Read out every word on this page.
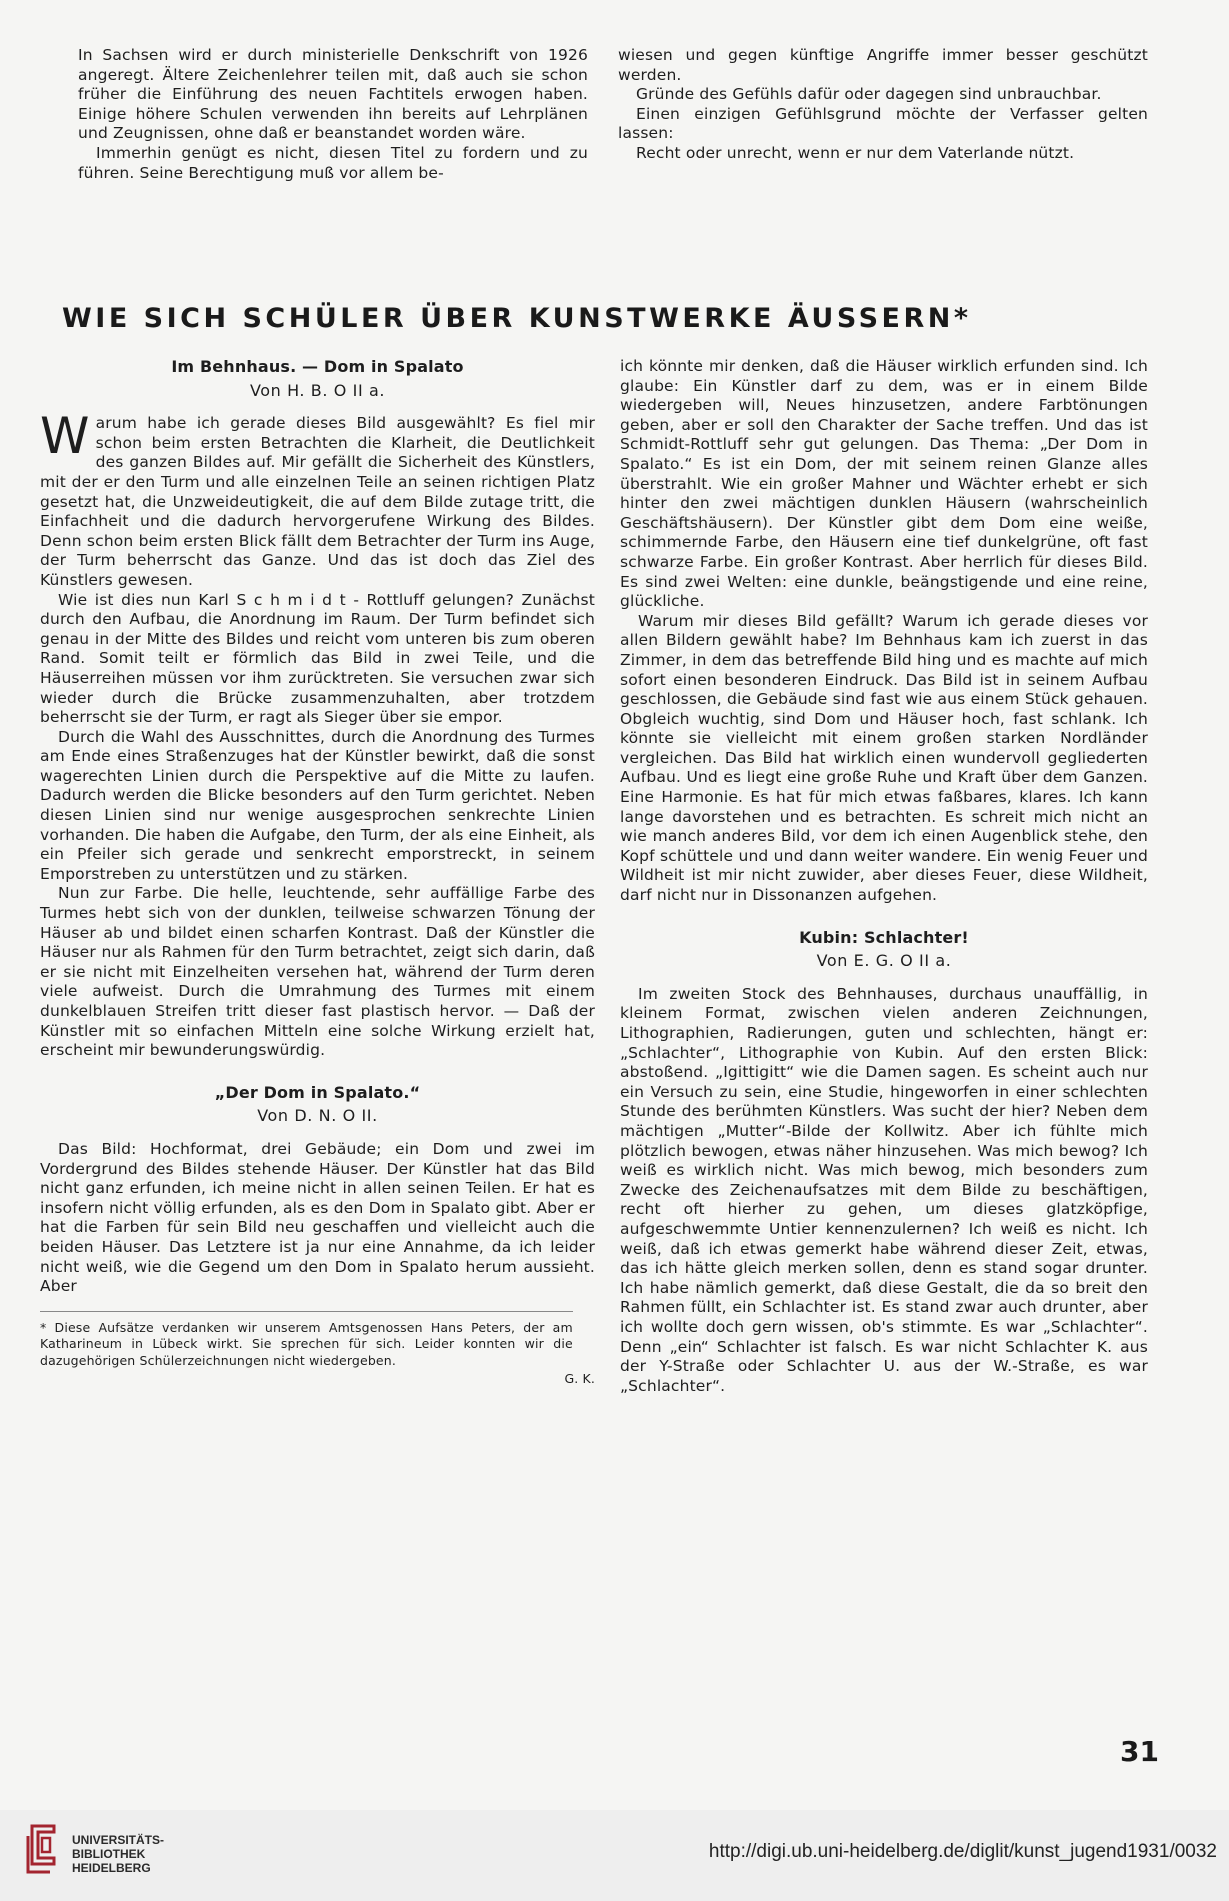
In Sachsen wird er durch ministerielle Denkschrift von 1926 angeregt. Ältere Zeichenlehrer teilen mit, daß auch sie schon früher die Einführung des neuen Fachtitels erwogen haben. Einige höhere Schulen verwenden ihn bereits auf Lehrplänen und Zeugnissen, ohne daß er beanstandet worden wäre.

Immerhin genügt es nicht, diesen Titel zu fordern und zu führen. Seine Berechtigung muß vor allem be-

wiesen und gegen künftige Angriffe immer besser geschützt werden.

Gründe des Gefühls dafür oder dagegen sind unbrauchbar.

Einen einzigen Gefühlsgrund möchte der Verfasser gelten lassen:

Recht oder unrecht, wenn er nur dem Vaterlande nützt.

WIE SICH SCHÜLER ÜBER KUNSTWERKE ÄUSSERN*
Im Behnhaus. — Dom in Spalato
Von H. B. O II a.

Warum habe ich gerade dieses Bild ausgewählt? Es fiel mir schon beim ersten Betrachten die Klarheit, die Deutlichkeit des ganzen Bildes auf. Mir gefällt die Sicherheit des Künstlers, mit der er den Turm und alle einzelnen Teile an seinen richtigen Platz gesetzt hat, die Unzweideutigkeit, die auf dem Bilde zutage tritt, die Einfachheit und die dadurch hervorgerufene Wirkung des Bildes. Denn schon beim ersten Blick fällt dem Betrachter der Turm ins Auge, der Turm beherrscht das Ganze. Und das ist doch das Ziel des Künstlers gewesen.

Wie ist dies nun Karl S c h m i d t - Rottluff gelungen? Zunächst durch den Aufbau, die Anordnung im Raum. Der Turm befindet sich genau in der Mitte des Bildes und reicht vom unteren bis zum oberen Rand. Somit teilt er förmlich das Bild in zwei Teile, und die Häuserreihen müssen vor ihm zurücktreten. Sie versuchen zwar sich wieder durch die Brücke zusammenzuhalten, aber trotzdem beherrscht sie der Turm, er ragt als Sieger über sie empor.

Durch die Wahl des Ausschnittes, durch die Anordnung des Turmes am Ende eines Straßenzuges hat der Künstler bewirkt, daß die sonst wagerechten Linien durch die Perspektive auf die Mitte zu laufen. Dadurch werden die Blicke besonders auf den Turm gerichtet. Neben diesen Linien sind nur wenige ausgesprochen senkrechte Linien vorhanden. Die haben die Aufgabe, den Turm, der als eine Einheit, als ein Pfeiler sich gerade und senkrecht emporstreckt, in seinem Emporstreben zu unterstützen und zu stärken.

Nun zur Farbe. Die helle, leuchtende, sehr auffällige Farbe des Turmes hebt sich von der dunklen, teilweise schwarzen Tönung der Häuser ab und bildet einen scharfen Kontrast. Daß der Künstler die Häuser nur als Rahmen für den Turm betrachtet, zeigt sich darin, daß er sie nicht mit Einzelheiten versehen hat, während der Turm deren viele aufweist. Durch die Umrahmung des Turmes mit einem dunkelblauen Streifen tritt dieser fast plastisch hervor. — Daß der Künstler mit so einfachen Mitteln eine solche Wirkung erzielt hat, erscheint mir bewunderungswürdig.

„Der Dom in Spalato.“
Von D. N. O II.

Das Bild: Hochformat, drei Gebäude; ein Dom und zwei im Vordergrund des Bildes stehende Häuser. Der Künstler hat das Bild nicht ganz erfunden, ich meine nicht in allen seinen Teilen. Er hat es insofern nicht völlig erfunden, als es den Dom in Spalato gibt. Aber er hat die Farben für sein Bild neu geschaffen und vielleicht auch die beiden Häuser. Das Letztere ist ja nur eine Annahme, da ich leider nicht weiß, wie die Gegend um den Dom in Spalato herum aussieht. Aber

* Diese Aufsätze verdanken wir unserem Amtsgenossen Hans Peters, der am Katharineum in Lübeck wirkt. Sie sprechen für sich. Leider konnten wir die dazugehörigen Schülerzeichnungen nicht wiedergeben.
G. K.

ich könnte mir denken, daß die Häuser wirklich erfunden sind. Ich glaube: Ein Künstler darf zu dem, was er in einem Bilde wiedergeben will, Neues hinzusetzen, andere Farbtönungen geben, aber er soll den Charakter der Sache treffen. Und das ist Schmidt-Rottluff sehr gut gelungen. Das Thema: „Der Dom in Spalato.“ Es ist ein Dom, der mit seinem reinen Glanze alles überstrahlt. Wie ein großer Mahner und Wächter erhebt er sich hinter den zwei mächtigen dunklen Häusern (wahrscheinlich Geschäftshäusern). Der Künstler gibt dem Dom eine weiße, schimmernde Farbe, den Häusern eine tief dunkelgrüne, oft fast schwarze Farbe. Ein großer Kontrast. Aber herrlich für dieses Bild. Es sind zwei Welten: eine dunkle, beängstigende und eine reine, glückliche.

Warum mir dieses Bild gefällt? Warum ich gerade dieses vor allen Bildern gewählt habe? Im Behnhaus kam ich zuerst in das Zimmer, in dem das betreffende Bild hing und es machte auf mich sofort einen besonderen Eindruck. Das Bild ist in seinem Aufbau geschlossen, die Gebäude sind fast wie aus einem Stück gehauen. Obgleich wuchtig, sind Dom und Häuser hoch, fast schlank. Ich könnte sie vielleicht mit einem großen starken Nordländer vergleichen. Das Bild hat wirklich einen wundervoll gegliederten Aufbau. Und es liegt eine große Ruhe und Kraft über dem Ganzen. Eine Harmonie. Es hat für mich etwas faßbares, klares. Ich kann lange davorstehen und es betrachten. Es schreit mich nicht an wie manch anderes Bild, vor dem ich einen Augenblick stehe, den Kopf schüttele und und dann weiter wandere. Ein wenig Feuer und Wildheit ist mir nicht zuwider, aber dieses Feuer, diese Wildheit, darf nicht nur in Dissonanzen aufgehen.

Kubin: Schlachter!
Von E. G. O II a.

Im zweiten Stock des Behnhauses, durchaus unauffällig, in kleinem Format, zwischen vielen anderen Zeichnungen, Lithographien, Radierungen, guten und schlechten, hängt er: „Schlachter“, Lithographie von Kubin. Auf den ersten Blick: abstoßend. „Igittigitt“ wie die Damen sagen. Es scheint auch nur ein Versuch zu sein, eine Studie, hingeworfen in einer schlechten Stunde des berühmten Künstlers. Was sucht der hier? Neben dem mächtigen „Mutter“-Bilde der Kollwitz. Aber ich fühlte mich plötzlich bewogen, etwas näher hinzusehen. Was mich bewog? Ich weiß es wirklich nicht. Was mich bewog, mich besonders zum Zwecke des Zeichenaufsatzes mit dem Bilde zu beschäftigen, recht oft hierher zu gehen, um dieses glatzköpfige, aufgeschwemmte Untier kennenzulernen? Ich weiß es nicht. Ich weiß, daß ich etwas gemerkt habe während dieser Zeit, etwas, das ich hätte gleich merken sollen, denn es stand sogar drunter. Ich habe nämlich gemerkt, daß diese Gestalt, die da so breit den Rahmen füllt, ein Schlachter ist. Es stand zwar auch drunter, aber ich wollte doch gern wissen, ob's stimmte. Es war „Schlachter“. Denn „ein“ Schlachter ist falsch. Es war nicht Schlachter K. aus der Y-Straße oder Schlachter U. aus der W.-Straße, es war „Schlachter“.

31
UNIVERSITÄTS-
BIBLIOTHEK
HEIDELBERG
http://digi.ub.uni-heidelberg.de/diglit/kunst_jugend1931/0032
